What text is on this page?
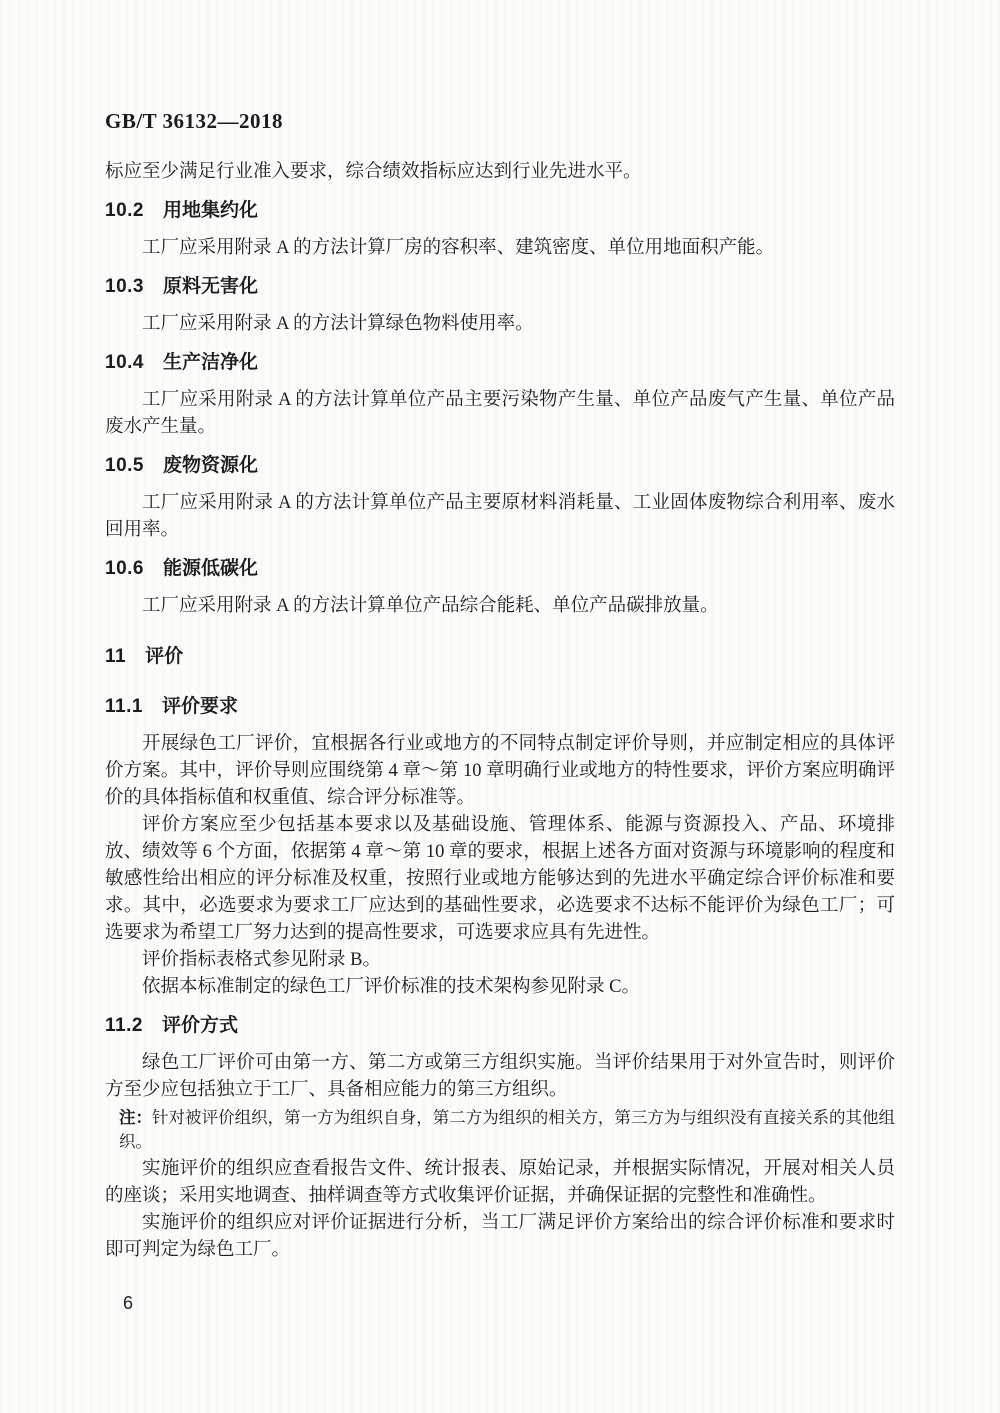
GB/T 36132—2018

标应至少满足行业准入要求，综合绩效指标应达到行业先进水平。

10.2 用地集约化

工厂应采用附录 A 的方法计算厂房的容积率、建筑密度、单位用地面积产能。

10.3 原料无害化

工厂应采用附录 A 的方法计算绿色物料使用率。

10.4 生产洁净化

工厂应采用附录 A 的方法计算单位产品主要污染物产生量、单位产品废气产生量、单位产品废水产生量。

10.5 废物资源化

工厂应采用附录 A 的方法计算单位产品主要原材料消耗量、工业固体废物综合利用率、废水回用率。

10.6 能源低碳化

工厂应采用附录 A 的方法计算单位产品综合能耗、单位产品碳排放量。

11 评价
11.1 评价要求

开展绿色工厂评价，宜根据各行业或地方的不同特点制定评价导则，并应制定相应的具体评价方案。其中，评价导则应围绕第 4 章～第 10 章明确行业或地方的特性要求，评价方案应明确评价的具体指标值和权重值、综合评分标准等。

评价方案应至少包括基本要求以及基础设施、管理体系、能源与资源投入、产品、环境排放、绩效等 6 个方面，依据第 4 章～第 10 章的要求，根据上述各方面对资源与环境影响的程度和敏感性给出相应的评分标准及权重，按照行业或地方能够达到的先进水平确定综合评价标准和要求。其中，必选要求为要求工厂应达到的基础性要求，必选要求不达标不能评价为绿色工厂；可选要求为希望工厂努力达到的提高性要求，可选要求应具有先进性。

评价指标表格式参见附录 B。

依据本标准制定的绿色工厂评价标准的技术架构参见附录 C。

11.2 评价方式

绿色工厂评价可由第一方、第二方或第三方组织实施。当评价结果用于对外宣告时，则评价方至少应包括独立于工厂、具备相应能力的第三方组织。

注：针对被评价组织，第一方为组织自身，第二方为组织的相关方，第三方为与组织没有直接关系的其他组织。

实施评价的组织应查看报告文件、统计报表、原始记录，并根据实际情况，开展对相关人员的座谈；采用实地调查、抽样调查等方式收集评价证据，并确保证据的完整性和准确性。

实施评价的组织应对评价证据进行分析，当工厂满足评价方案给出的综合评价标准和要求时即可判定为绿色工厂。

6
